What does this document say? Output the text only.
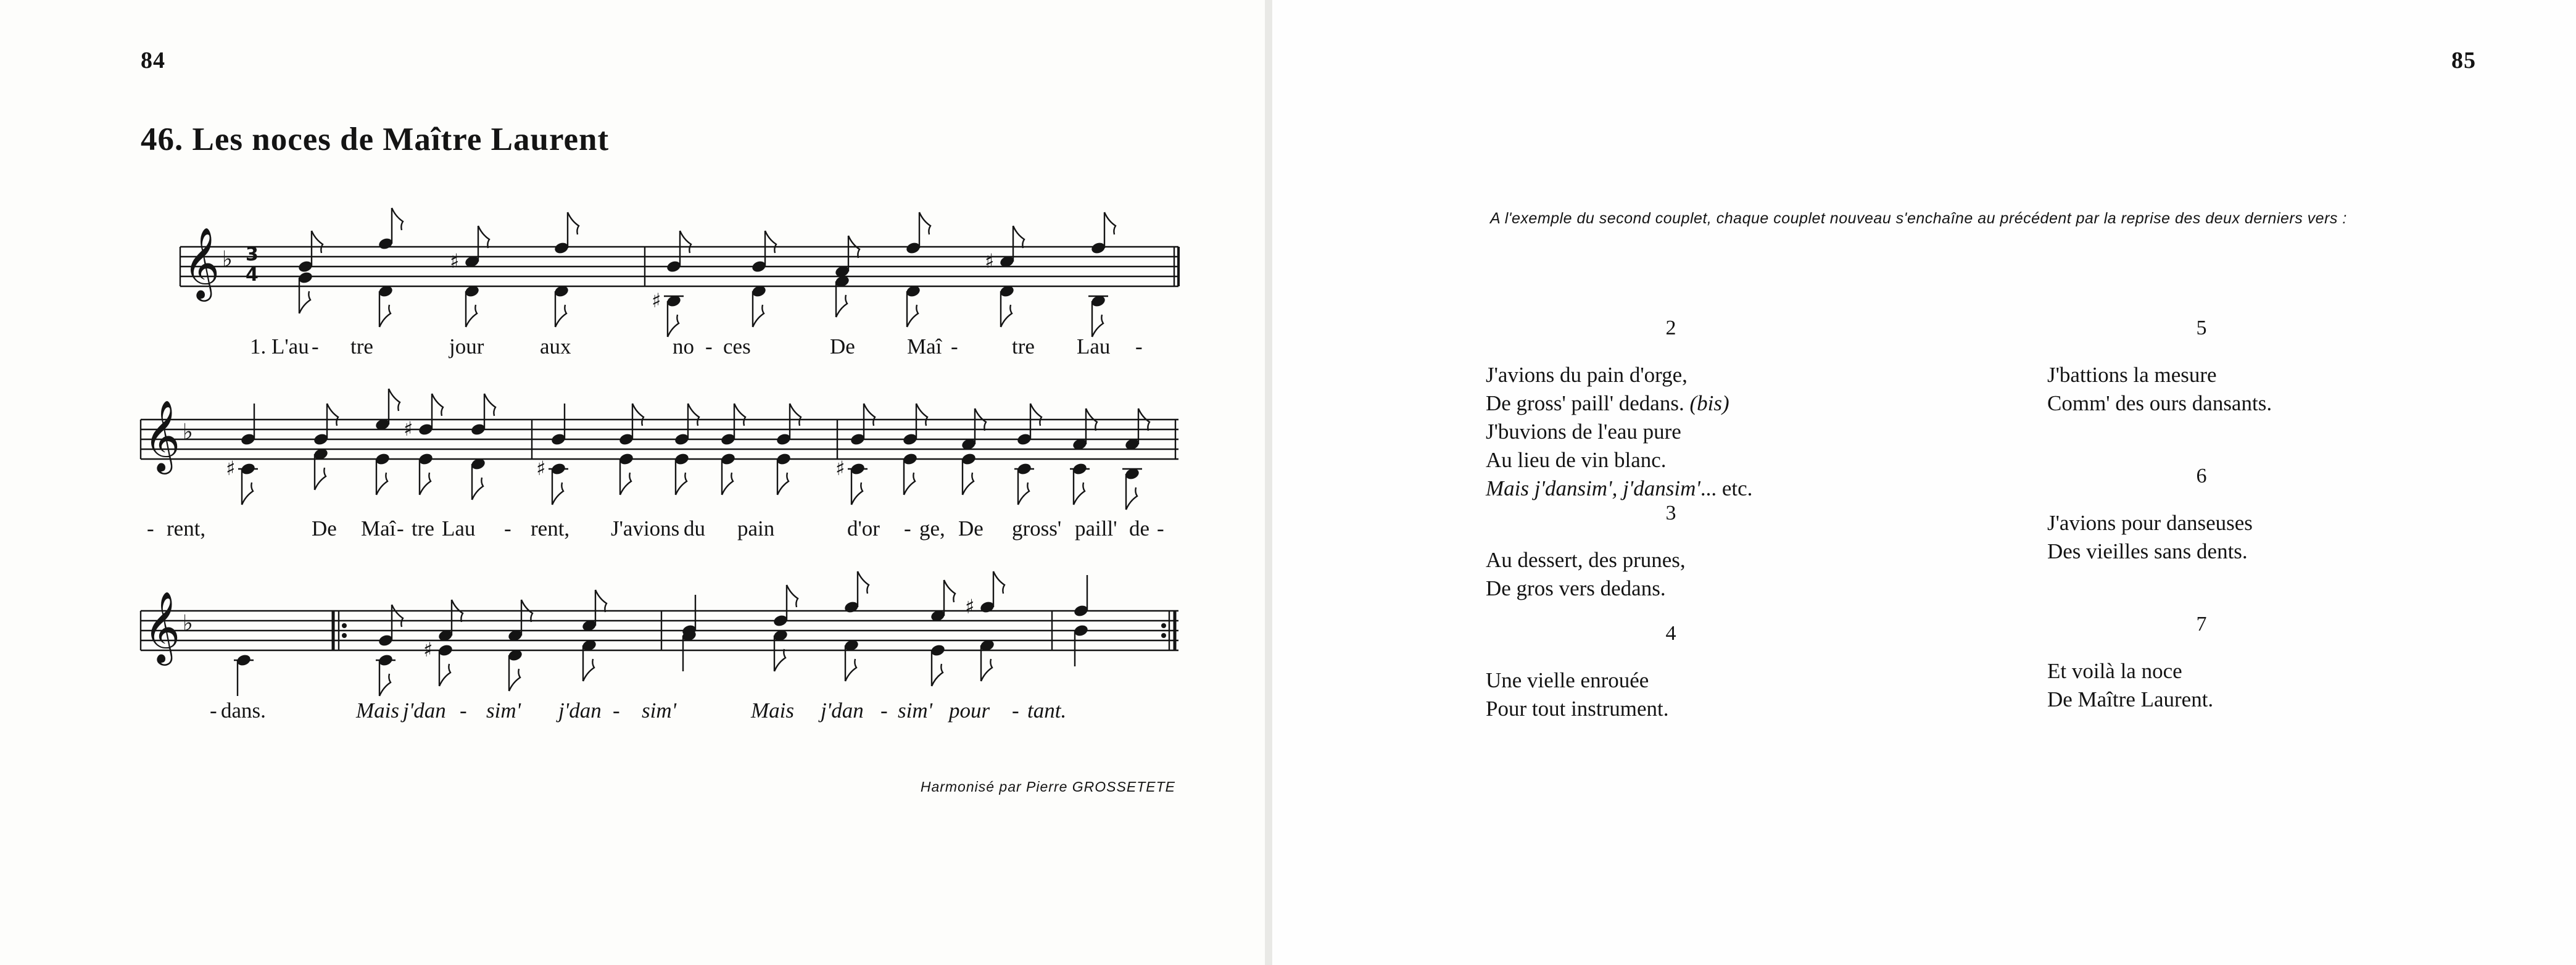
84
46. Les noces de Maître Laurent
𝄞 ♭ 3
4
𝄞 ♭
𝄞 ♭
♯
♯
♯
♯
♯
♯	♯
♯
♯
1. L'au - tre	jour	aux	no - ces	De Maî - tre Lau -
- rent,	De Maî - tre Lau - rent, J'avions du pain	d'or - ge, De gross' paill' de -
- dans.	Mais j'dan - sim' j'dan - sim'	Mais j'dan - sim' pour - tant.
Harmonisé par Pierre GROSSETETE
85
A l'exemple du second couplet, chaque couplet nouveau s'enchaîne au précédent par la reprise des deux derniers vers :
2
J'avions du pain d'orge,
De gross' paill' dedans. (bis)
J'buvions de l'eau pure
Au lieu de vin blanc.
Mais j'dansim', j'dansim'... etc.
3
Au dessert, des prunes,
De gros vers dedans.
4
Une vielle enrouée
Pour tout instrument.
5
J'battions la mesure
Comm' des ours dansants.
6
J'avions pour danseuses
Des vieilles sans dents.
7
Et voilà la noce
De Maître Laurent.
